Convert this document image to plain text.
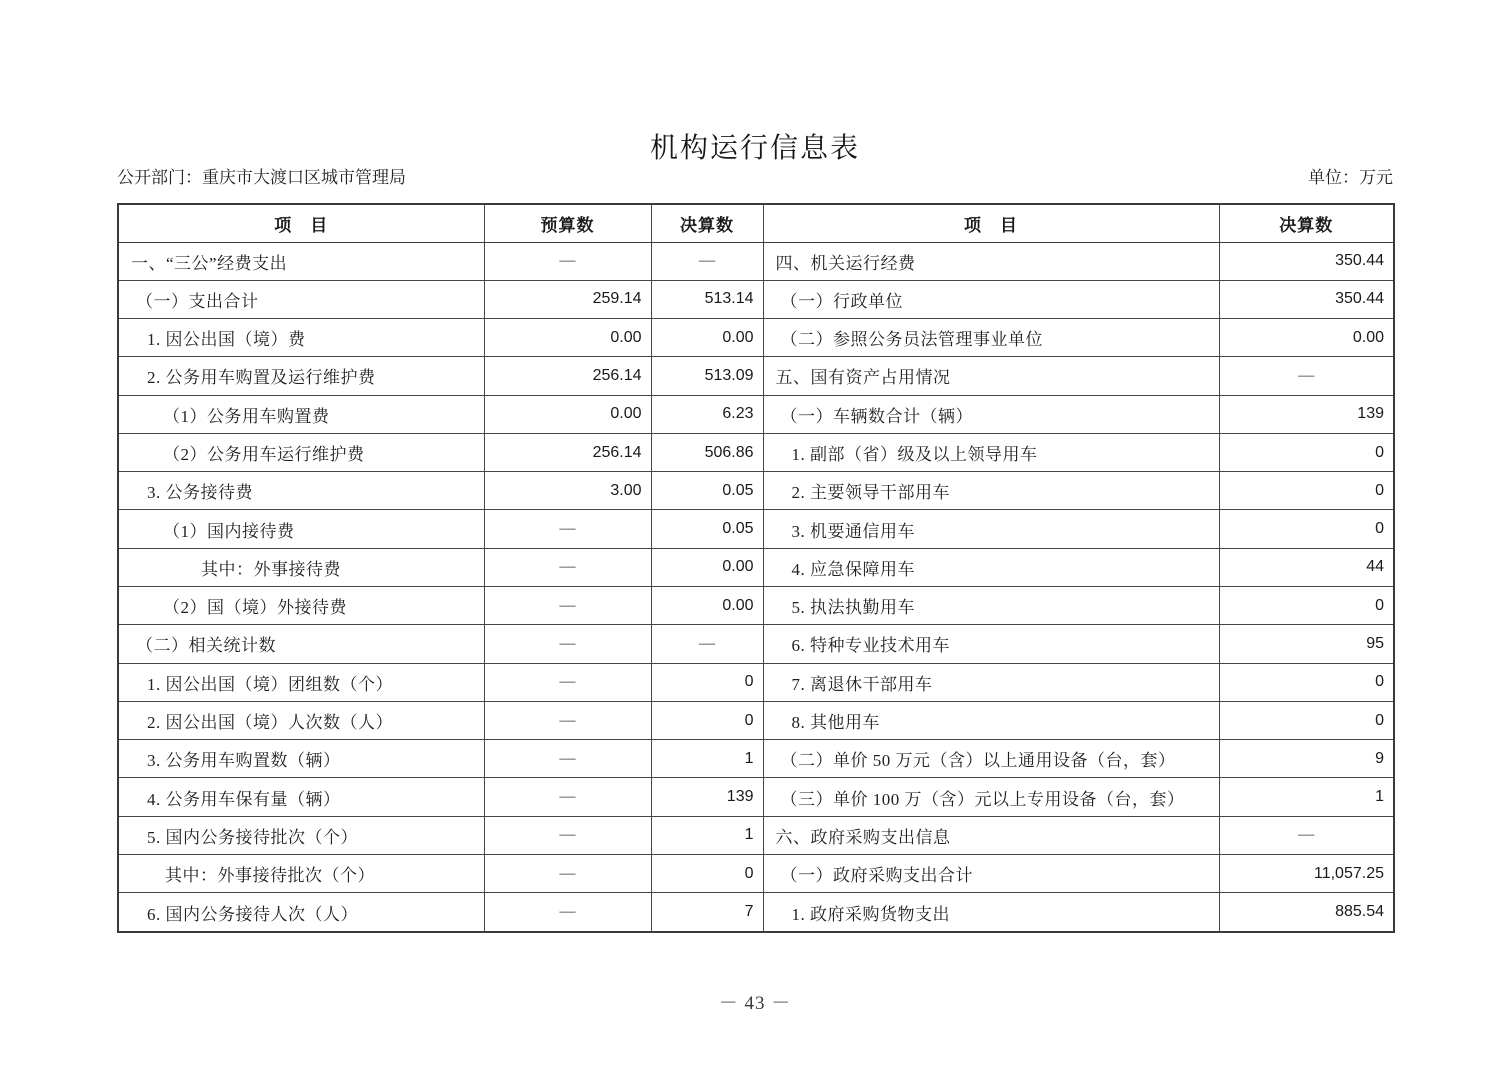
机构运行信息表
公开部门：重庆市大渡口区城市管理局	单位：万元
项　目	预算数	决算数	项　目	决算数
一、“三公”经费支出	—	—	四、机关运行经费	350.44
（一）支出合计	259.14	513.14	（一）行政单位	350.44
1. 因公出国（境）费	0.00	0.00	（二）参照公务员法管理事业单位	0.00
2. 公务用车购置及运行维护费	256.14	513.09	五、国有资产占用情况	—
（1）公务用车购置费	0.00	6.23	（一）车辆数合计（辆）	139
（2）公务用车运行维护费	256.14	506.86	1. 副部（省）级及以上领导用车	0
3. 公务接待费	3.00	0.05	2. 主要领导干部用车	0
（1）国内接待费	—	0.05	3. 机要通信用车	0
其中：外事接待费	—	0.00	4. 应急保障用车	44
（2）国（境）外接待费	—	0.00	5. 执法执勤用车	0
（二）相关统计数	—	—	6. 特种专业技术用车	95
1. 因公出国（境）团组数（个）	—	0	7. 离退休干部用车	0
2. 因公出国（境）人次数（人）	—	0	8. 其他用车	0
3. 公务用车购置数（辆）	—	1	（二）单价 50 万元（含）以上通用设备（台，套）	9
4. 公务用车保有量（辆）	—	139	（三）单价 100 万（含）元以上专用设备（台，套）	1
5. 国内公务接待批次（个）	—	1	六、政府采购支出信息	—
其中：外事接待批次（个）	—	0	（一）政府采购支出合计	11,057.25
6. 国内公务接待人次（人）	—	7	1. 政府采购货物支出	885.54
－ 43 －
